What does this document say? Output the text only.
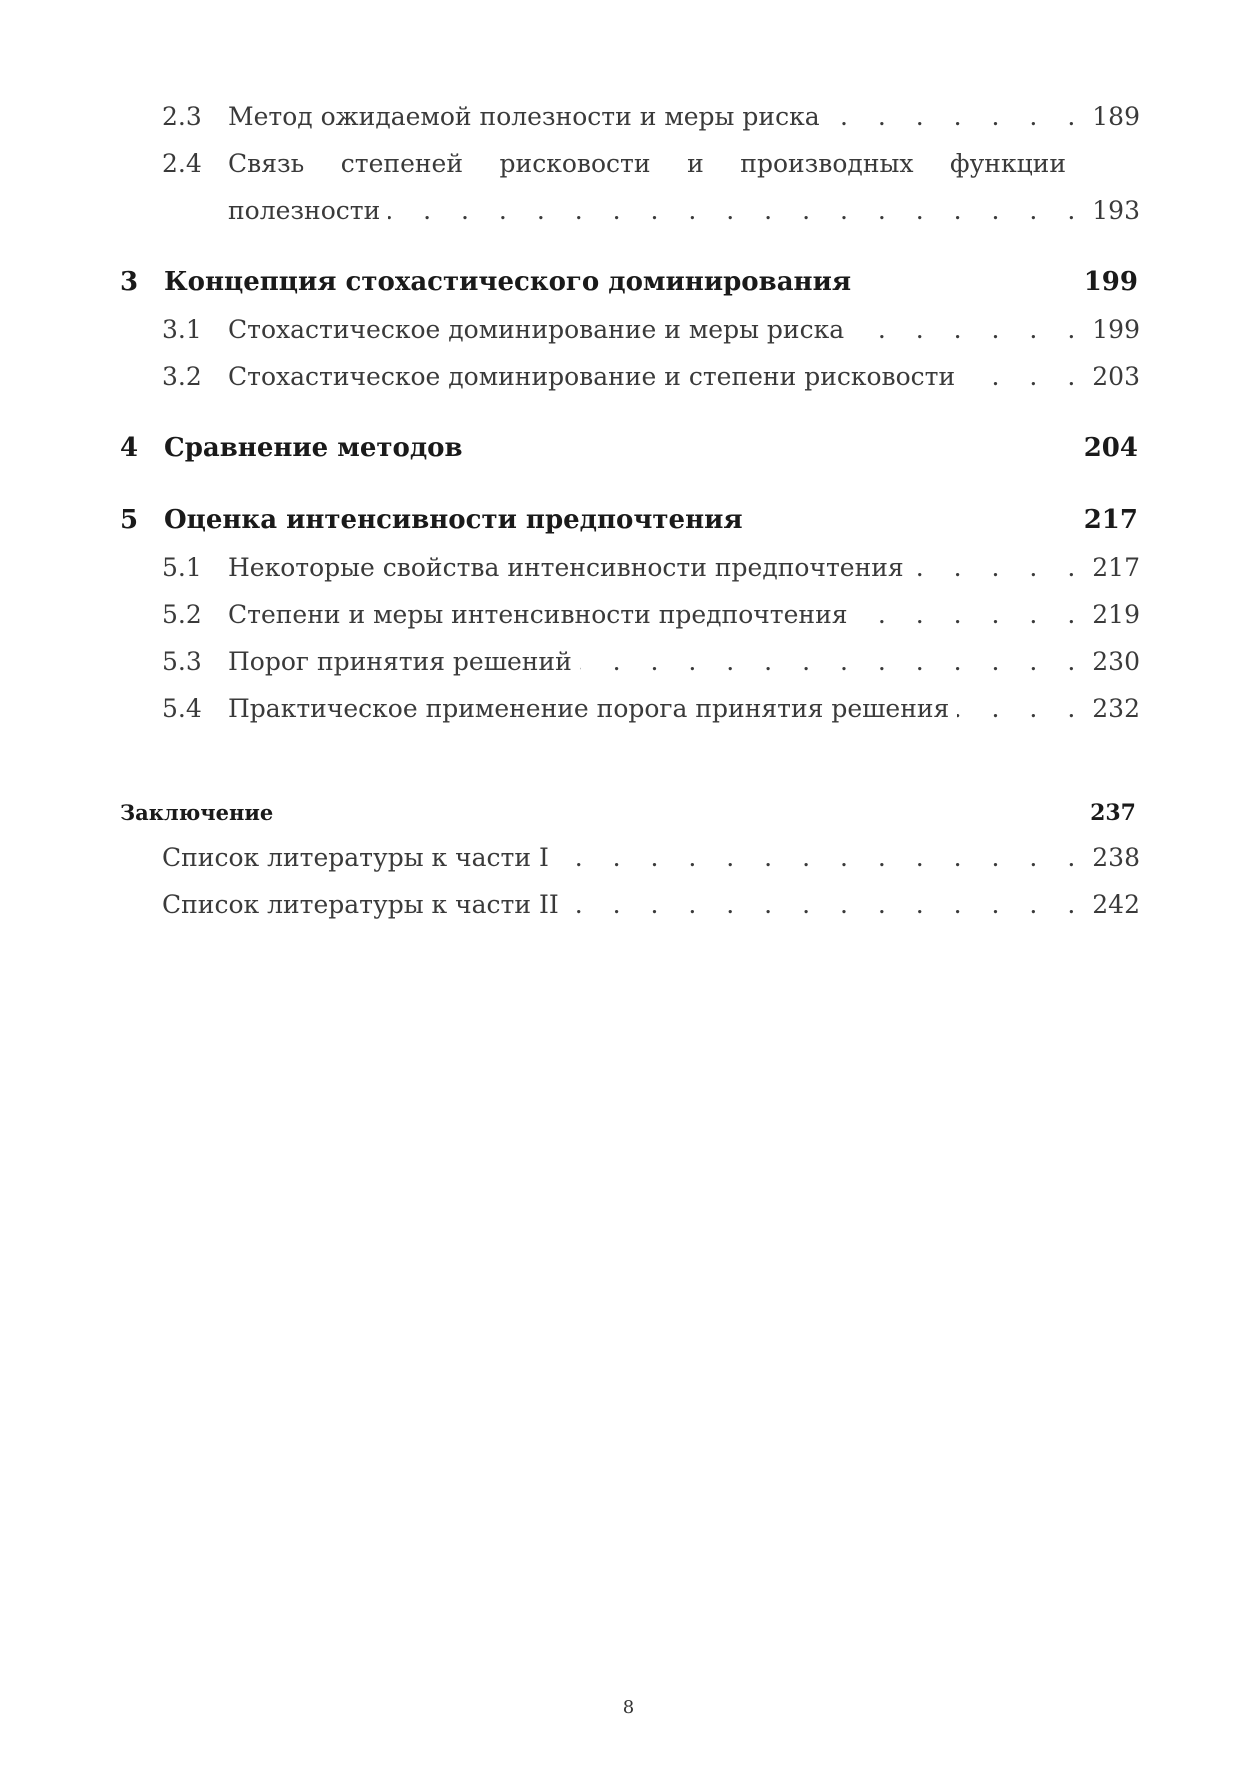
2.3	Метод ожидаемой полезности и меры риска . . .	189
2.4	Связь степеней рисковости и производных функции
полезности . . .	193
3 Концепция стохастического доминирования	199
3.1	Стохастическое доминирование и меры риска . . .	199
3.2	Стохастическое доминирование и степени рисковости . . .	203
4 Сравнение методов	204
5 Оценка интенсивности предпочтения	217
5.1	Некоторые свойства интенсивности предпочтения . . .	217
5.2	Степени и меры интенсивности предпочтения . . .	219
5.3	Порог принятия решений . . .	230
5.4	Практическое применение порога принятия решения . . .	232
Заключение	237
Список литературы к части I . . .	238
Список литературы к части II . . .	242
8
